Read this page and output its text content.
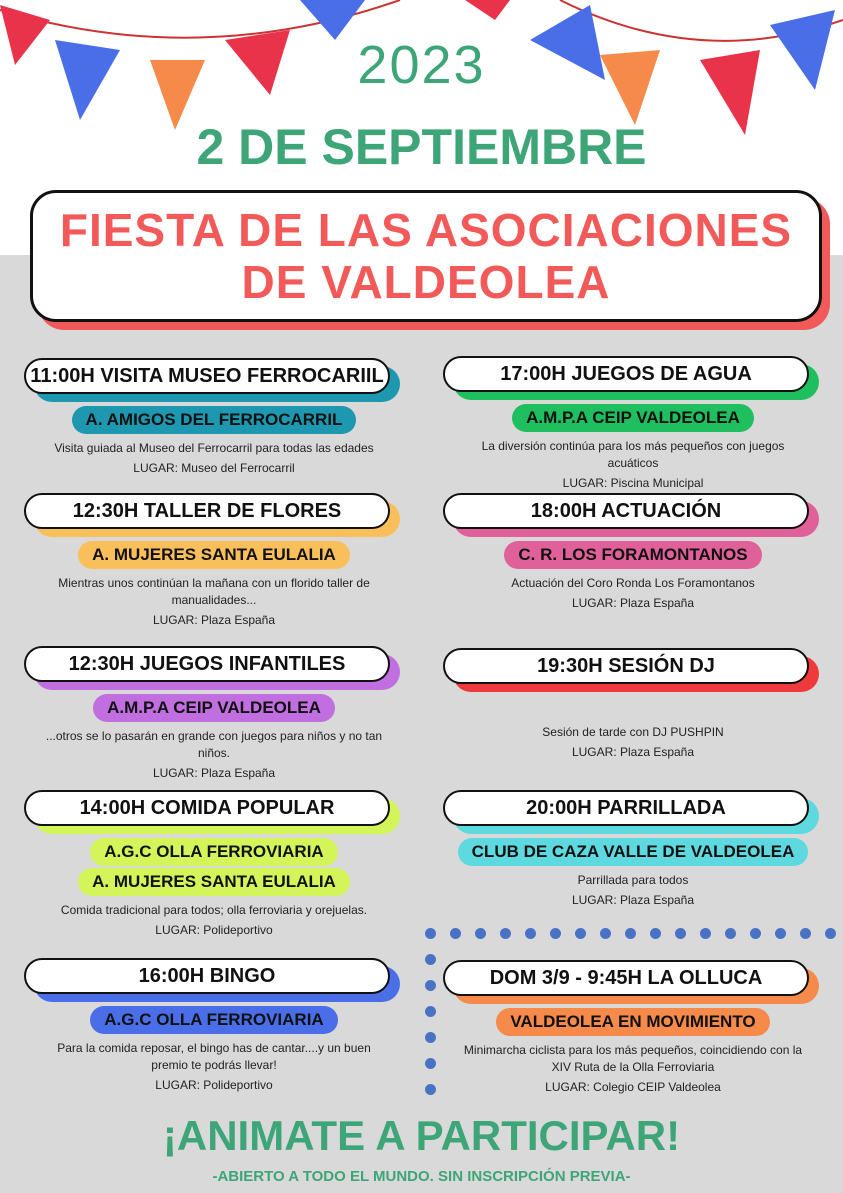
2023
2 DE SEPTIEMBRE
FIESTA DE LAS ASOCIACIONES
DE VALDEOLEA
11:00H VISITA MUSEO FERROCARIIL
A. AMIGOS DEL FERROCARRIL
Visita guiada al Museo del Ferrocarril para todas las edades
LUGAR: Museo del Ferrocarril
12:30H TALLER DE FLORES
A. MUJERES SANTA EULALIA
Mientras unos continúan la mañana con un florido taller de manualidades...
LUGAR: Plaza España
12:30H JUEGOS INFANTILES
A.M.P.A CEIP VALDEOLEA
...otros se lo pasarán en grande con juegos para niños y no tan niños.
LUGAR: Plaza España
14:00H COMIDA POPULAR
A.G.C OLLA FERROVIARIA
A. MUJERES SANTA EULALIA
Comida tradicional para todos; olla ferroviaria y orejuelas.
LUGAR: Polideportivo
16:00H BINGO
A.G.C OLLA FERROVIARIA
Para la comida reposar, el bingo has de cantar....y un buen premio te podrás llevar!
LUGAR: Polideportivo
17:00H JUEGOS DE AGUA
A.M.P.A CEIP VALDEOLEA
La diversión continúa para los más pequeños con juegos acuáticos
LUGAR: Piscina Municipal
18:00H ACTUACIÓN
C. R. LOS FORAMONTANOS
Actuación del Coro Ronda Los Foramontanos
LUGAR: Plaza España
19:30H SESIÓN DJ
Sesión de tarde con DJ PUSHPIN
LUGAR: Plaza España
20:00H PARRILLADA
CLUB DE CAZA VALLE DE VALDEOLEA
Parrillada para todos
LUGAR: Plaza España
DOM 3/9 - 9:45H LA OLLUCA
VALDEOLEA EN MOVIMIENTO
Minimarcha ciclista para los más pequeños, coincidiendo con la XIV Ruta de la Olla Ferroviaria
LUGAR: Colegio CEIP Valdeolea
¡ANIMATE A PARTICIPAR!
-ABIERTO A TODO EL MUNDO. SIN INSCRIPCIÓN PREVIA-
